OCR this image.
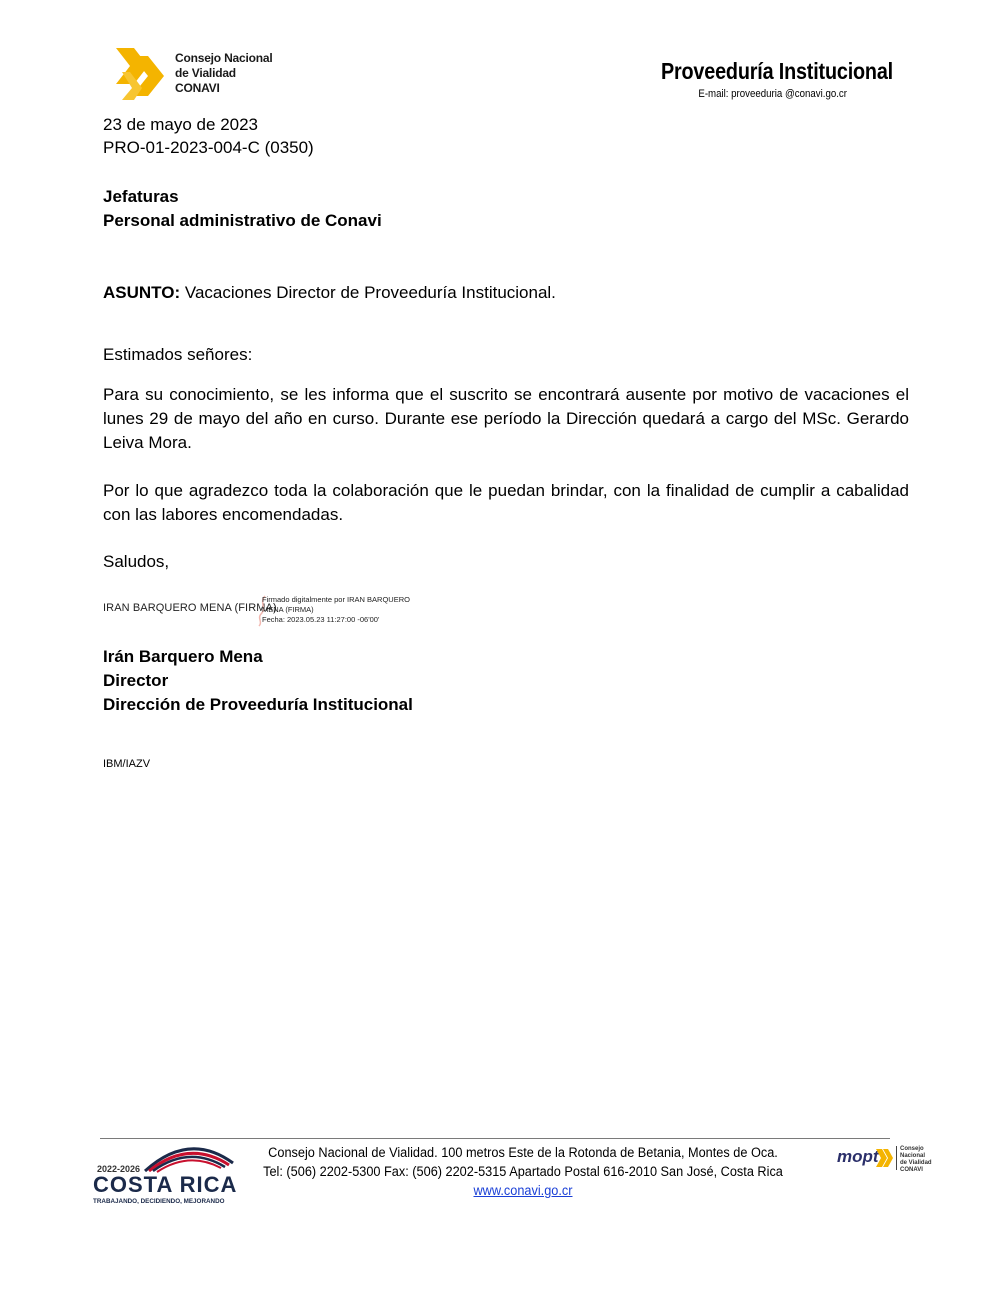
Consejo Nacional
de Vialidad
CONAVI
Proveeduría Institucional
E-mail: proveeduria @conavi.go.cr
23 de mayo de 2023
PRO-01-2023-004-C (0350)
Jefaturas
Personal administrativo de Conavi
ASUNTO: Vacaciones Director de Proveeduría Institucional.
Estimados señores:
Para su conocimiento, se les informa que el suscrito se encontrará ausente por motivo de vacaciones el lunes 29 de mayo del año en curso. Durante ese período la Dirección quedará a cargo del MSc. Gerardo Leiva Mora.
Por lo que agradezco toda la colaboración que le puedan brindar, con la finalidad de cumplir a cabalidad con las labores encomendadas.
Saludos,
IRAN BARQUERO MENA (FIRMA)
Firmado digitalmente por IRAN BARQUERO
MENA (FIRMA)
Fecha: 2023.05.23 11:27:00 -06'00'
Irán Barquero Mena
Director
Dirección de Proveeduría Institucional
IBM/IAZV
2022-2026
COSTA RICA
TRABAJANDO, DECIDIENDO, MEJORANDO
Consejo Nacional de Vialidad. 100 metros Este de la Rotonda de Betania, Montes de Oca.
Tel: (506) 2202-5300 Fax: (506) 2202-5315 Apartado Postal 616-2010 San José, Costa Rica
www.conavi.go.cr
mopt	Consejo Nacional
de Vialidad
CONAVI
